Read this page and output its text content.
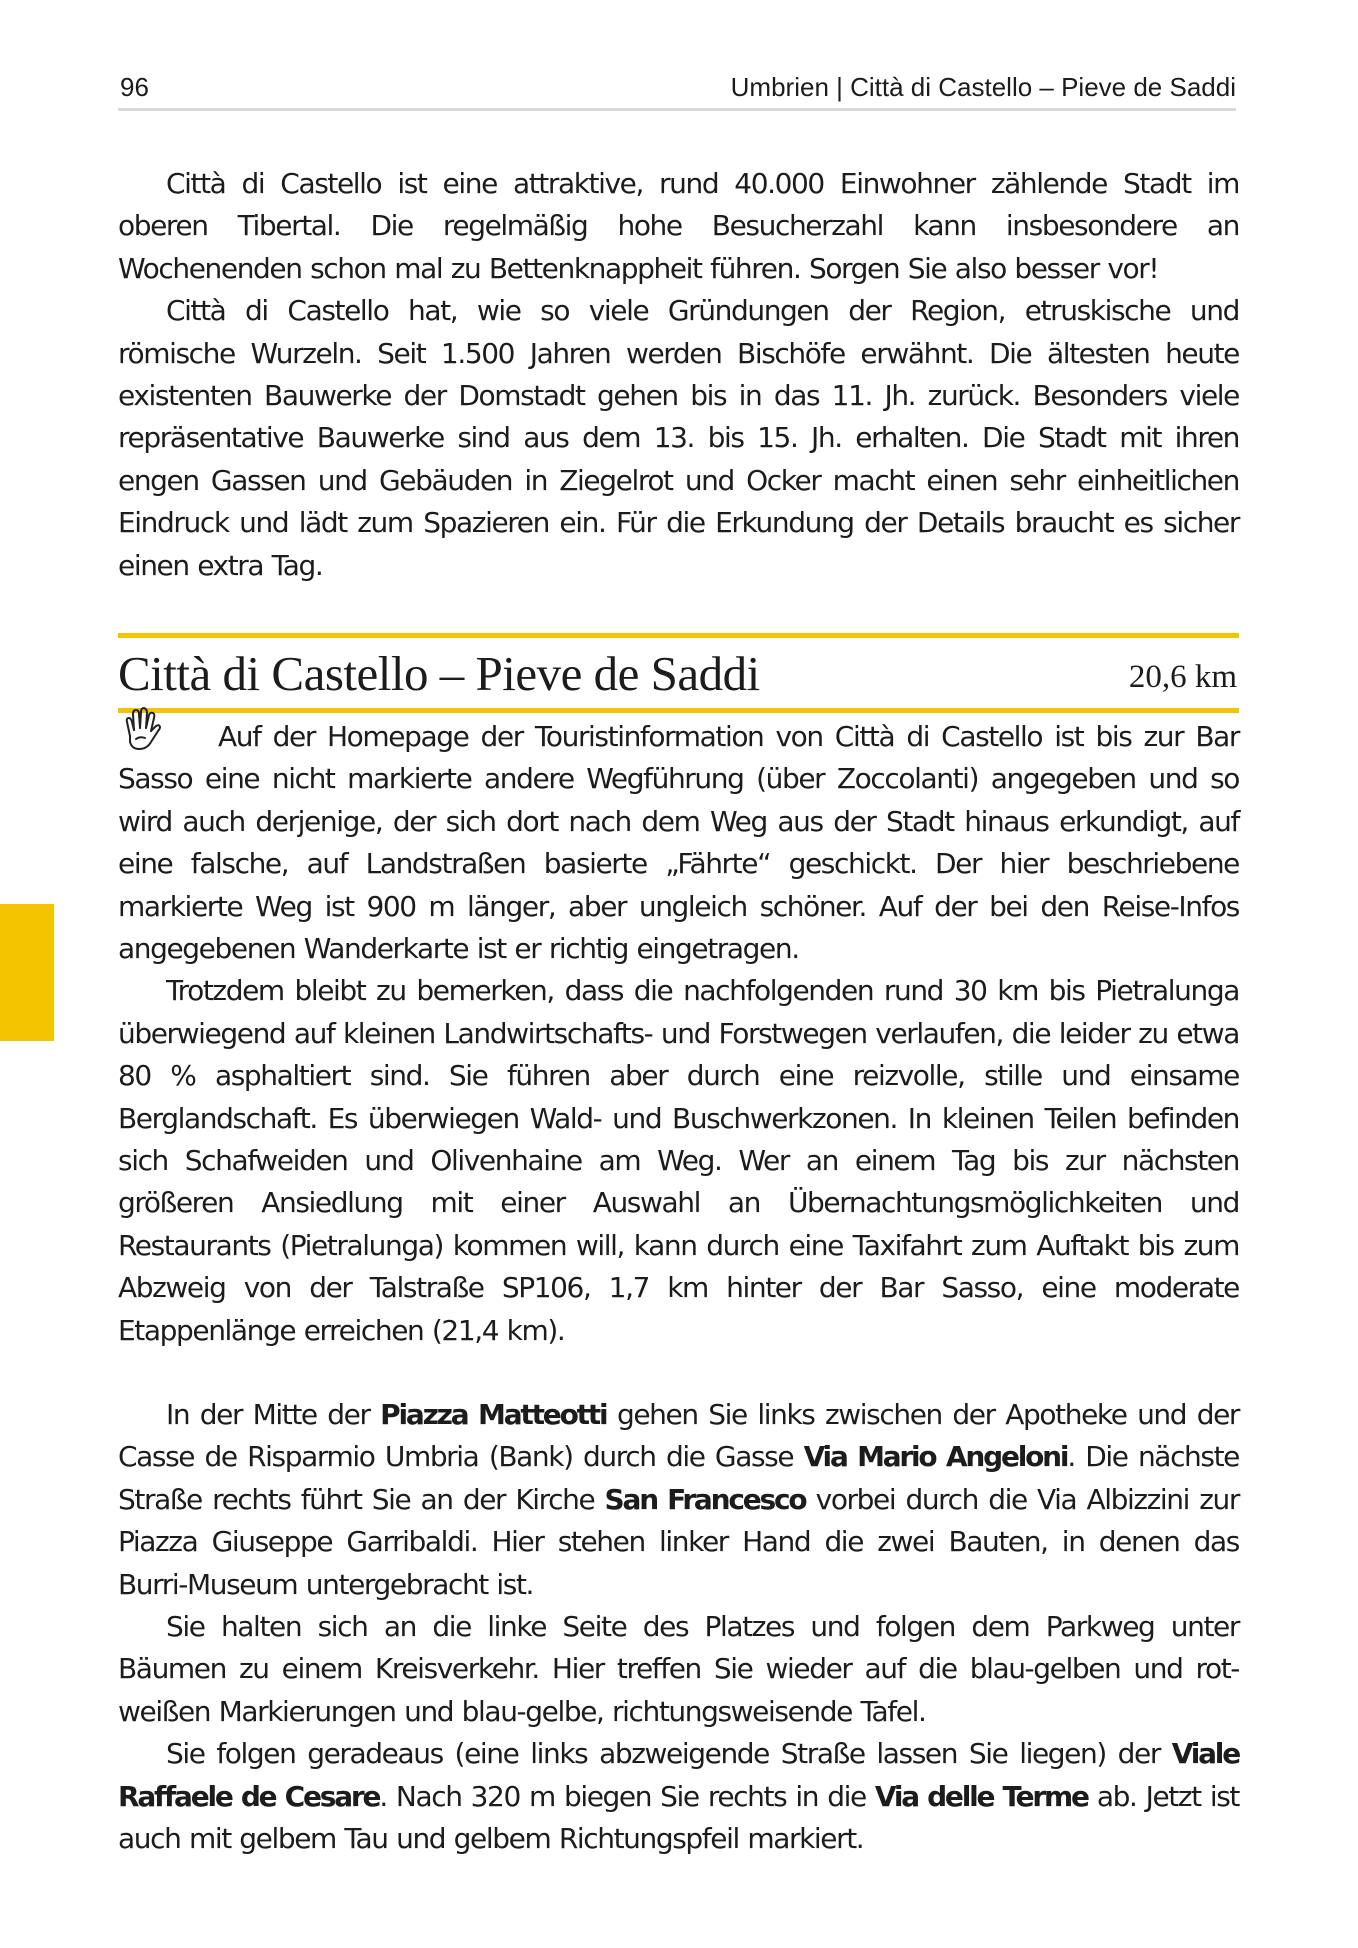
96	Umbrien | Città di Castello – Pieve de Saddi

Città di Castello ist eine attraktive, rund 40.000 Einwohner zählende Stadt im oberen Tibertal. Die regelmäßig hohe Besucherzahl kann insbesondere an Wochenenden schon mal zu Bettenknappheit führen. Sorgen Sie also besser vor!

Città di Castello hat, wie so viele Gründungen der Region, etruskische und römische Wurzeln. Seit 1.500 Jahren werden Bischöfe erwähnt. Die ältesten heute existenten Bauwerke der Domstadt gehen bis in das 11. Jh. zurück. Besonders viele repräsentative Bauwerke sind aus dem 13. bis 15. Jh. erhalten. Die Stadt mit ihren engen Gassen und Gebäuden in Ziegelrot und Ocker macht einen sehr einheitlichen Eindruck und lädt zum Spazieren ein. Für die Erkundung der Details braucht es sicher einen extra Tag.

Città di Castello – Pieve de Saddi	20,6 km

Auf der Homepage der Touristinformation von Città di Castello ist bis zur Bar Sasso eine nicht markierte andere Wegführung (über Zoccolanti) angegeben und so wird auch derjenige, der sich dort nach dem Weg aus der Stadt hinaus erkundigt, auf eine falsche, auf Landstraßen basierte „Fährte“ geschickt. Der hier beschriebene markierte Weg ist 900 m länger, aber ungleich schöner. Auf der bei den Reise-Infos angegebenen Wanderkarte ist er richtig eingetragen.

Trotzdem bleibt zu bemerken, dass die nachfolgenden rund 30 km bis Pietralunga überwiegend auf kleinen Landwirtschafts- und Forstwegen verlaufen, die leider zu etwa 80 % asphaltiert sind. Sie führen aber durch eine reizvolle, stille und einsame Berglandschaft. Es überwiegen Wald- und Buschwerkzonen. In kleinen Teilen befinden sich Schafweiden und Olivenhaine am Weg. Wer an einem Tag bis zur nächsten größeren Ansiedlung mit einer Auswahl an Übernachtungsmöglichkeiten und Restaurants (Pietralunga) kommen will, kann durch eine Taxifahrt zum Auftakt bis zum Abzweig von der Talstraße SP106, 1,7 km hinter der Bar Sasso, eine moderate Etappenlänge erreichen (21,4 km).

In der Mitte der Piazza Matteotti gehen Sie links zwischen der Apotheke und der Casse de Risparmio Umbria (Bank) durch die Gasse Via Mario Angeloni. Die nächste Straße rechts führt Sie an der Kirche San Francesco vorbei durch die Via Albizzini zur Piazza Giuseppe Garribaldi. Hier stehen linker Hand die zwei Bauten, in denen das Burri-Museum untergebracht ist.

Sie halten sich an die linke Seite des Platzes und folgen dem Parkweg unter Bäumen zu einem Kreisverkehr. Hier treffen Sie wieder auf die blau-gelben und rot-weißen Markierungen und blau-gelbe, richtungsweisende Tafel.

Sie folgen geradeaus (eine links abzweigende Straße lassen Sie liegen) der Viale Raffaele de Cesare. Nach 320 m biegen Sie rechts in die Via delle Terme ab. Jetzt ist auch mit gelbem Tau und gelbem Richtungspfeil markiert.
